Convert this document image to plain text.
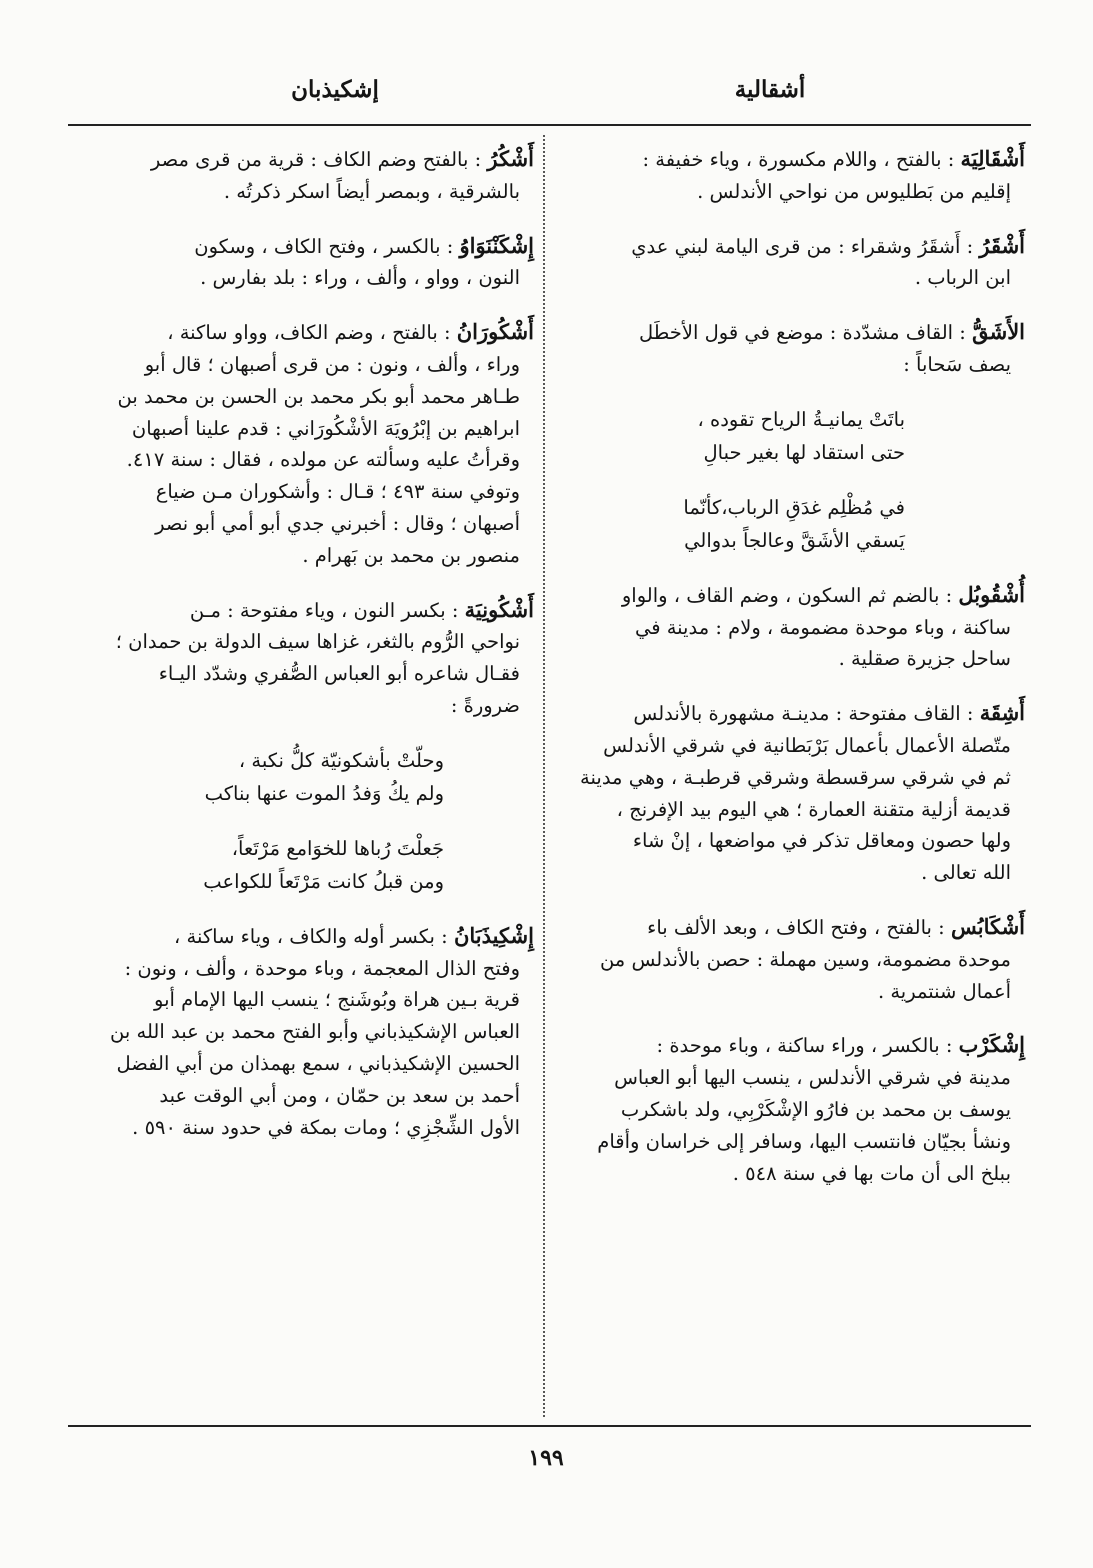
أشقالية
إشكيذبان
أَشْقَالِيَة : بالفتح ، واللام مكسورة ، وياء خفيفة :
إقليم من بَطليوس من نواحي الأندلس .
أَشْقَرُ : أَشقَرُ وشقراء : من قرى اليامة لبني عدي
ابن الرباب .
الأَشَقُّ : القاف مشدّدة : موضع في قول الأخطَل
يصف سَحاباً :
باتَتْ يمانيـةُ الرياح تقوده ،
حتى استقاد لها بغير حبالِ
في مُظْلِم غدَقِ الرباب،كأنّما
يَسقي الأشَقَّ وعالجاً بدوالي
أُشْقُوبُل : بالضم ثم السكون ، وضم القاف ، والواو
ساكنة ، وباء موحدة مضمومة ، ولام : مدينة في
ساحل جزيرة صقلية .
أَشِقَة : القاف مفتوحة : مدينـة مشهورة بالأندلس
متّصلة الأعمال بأعمال بَرْبَطانية في شرقي الأندلس
ثم في شرقي سرقسطة وشرقي قرطبـة ، وهي مدينة
قديمة أزلية متقنة العمارة ؛ هي اليوم بيد الإفرنج ،
ولها حصون ومعاقل تذكر في مواضعها ، إنْ شاء
الله تعالى .
أَشْكَابُس : بالفتح ، وفتح الكاف ، وبعد الألف باء
موحدة مضمومة، وسين مهملة : حصن بالأندلس من
أعمال شنتمرية .
إِشْكَرْب : بالكسر ، وراء ساكنة ، وباء موحدة :
مدينة في شرقي الأندلس ، ينسب اليها أبو العباس
يوسف بن محمد بن فارُو الإشْكَرْبِي، ولد باشكرب
ونشأ بجيّان فانتسب اليها، وسافر إلى خراسان وأقام
ببلخ الى أن مات بها في سنة ٥٤٨ .
أَشْكُرُ : بالفتح وضم الكاف : قرية من قرى مصر
بالشرقية ، وبمصر أيضاً اسكر ذكرتُه .
إِشْكَنْنَوَاوُ : بالكسر ، وفتح الكاف ، وسكون
النون ، وواو ، وألف ، وراء : بلد بفارس .
أَشْكُورَانُ : بالفتح ، وضم الكاف، وواو ساكنة ،
وراء ، وألف ، ونون : من قرى أصبهان ؛ قال أبو
طـاهر محمد أبو بكر محمد بن الحسن بن محمد بن
ابراهيم بن إبْرُويَهَ الأشْكُورَاني : قدم علينا أصبهان
وقرأتُ عليه وسألته عن مولده ، فقال : سنة ٤١٧.
وتوفي سنة ٤٩٣ ؛ قـال : وأشكوران مـن ضياع
أصبهان ؛ وقال : أخبرني جدي أبو أمي أبو نصر
منصور بن محمد بن بَهرام .
أَشْكُونِيَة : بكسر النون ، وياء مفتوحة : مـن
نواحي الرُّوم بالثغر، غزاها سيف الدولة بن حمدان ؛
فقـال شاعره أبو العباس الصُّفري وشدّد اليـاء
ضرورةً :
وحلّتْ بأشكونيّة كلُّ نكبة ،
ولم يكُ وَفدُ الموت عنها بناكب
جَعلْتَ رُباها للخوَامع مَرْتَعاً،
ومن قبلُ كانت مَرْتَعاً للكواعب
إِشْكِيذَبَانُ : بكسر أوله والكاف ، وياء ساكنة ،
وفتح الذال المعجمة ، وباء موحدة ، وألف ، ونون :
قرية بـين هراة وبُوشَنج ؛ ينسب اليها الإمام أبو
العباس الإشكيذباني وأبو الفتح محمد بن عبد الله بن
الحسين الإشكيذباني ، سمع بهمذان من أبي الفضل
أحمد بن سعد بن حمّان ، ومن أبي الوقت عبد
الأول الشِّجْزِي ؛ ومات بمكة في حدود سنة ٥٩٠ .
١٩٩
